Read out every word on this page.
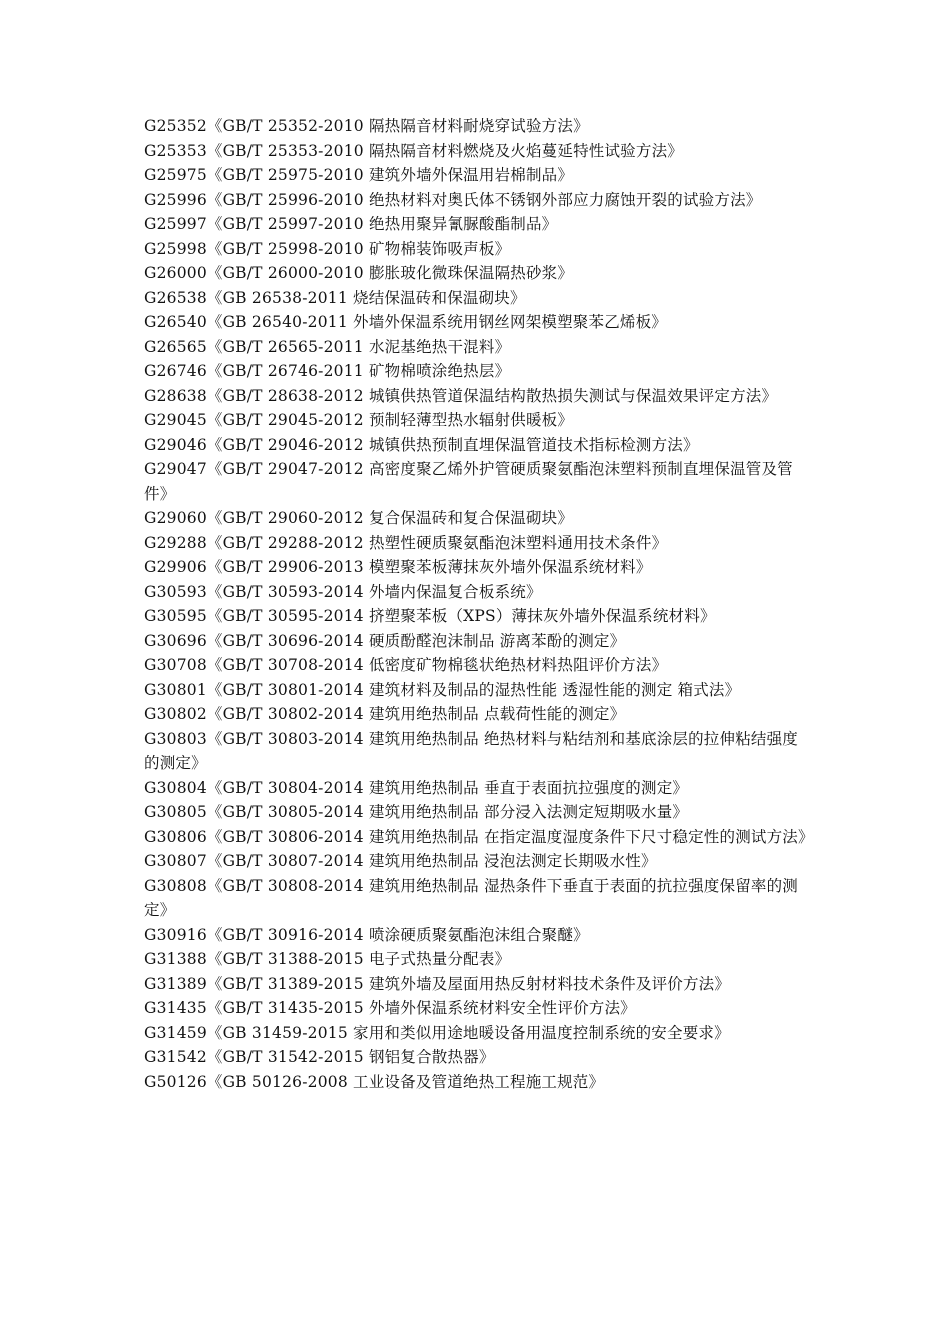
G25352《GB/T 25352-2010 隔热隔音材料耐烧穿试验方法》
G25353《GB/T 25353-2010 隔热隔音材料燃烧及火焰蔓延特性试验方法》
G25975《GB/T 25975-2010 建筑外墙外保温用岩棉制品》
G25996《GB/T 25996-2010 绝热材料对奥氏体不锈钢外部应力腐蚀开裂的试验方法》
G25997《GB/T 25997-2010 绝热用聚异氰脲酸酯制品》
G25998《GB/T 25998-2010 矿物棉装饰吸声板》
G26000《GB/T 26000-2010 膨胀玻化微珠保温隔热砂浆》
G26538《GB 26538-2011 烧结保温砖和保温砌块》
G26540《GB 26540-2011 外墙外保温系统用钢丝网架模塑聚苯乙烯板》
G26565《GB/T 26565-2011 水泥基绝热干混料》
G26746《GB/T 26746-2011 矿物棉喷涂绝热层》
G28638《GB/T 28638-2012 城镇供热管道保温结构散热损失测试与保温效果评定方法》
G29045《GB/T 29045-2012 预制轻薄型热水辐射供暖板》
G29046《GB/T 29046-2012 城镇供热预制直埋保温管道技术指标检测方法》
G29047《GB/T 29047-2012 高密度聚乙烯外护管硬质聚氨酯泡沫塑料预制直埋保温管及管件》
G29060《GB/T 29060-2012 复合保温砖和复合保温砌块》
G29288《GB/T 29288-2012 热塑性硬质聚氨酯泡沫塑料通用技术条件》
G29906《GB/T 29906-2013 模塑聚苯板薄抹灰外墙外保温系统材料》
G30593《GB/T 30593-2014 外墙内保温复合板系统》
G30595《GB/T 30595-2014 挤塑聚苯板（XPS）薄抹灰外墙外保温系统材料》
G30696《GB/T 30696-2014 硬质酚醛泡沫制品 游离苯酚的测定》
G30708《GB/T 30708-2014 低密度矿物棉毯状绝热材料热阻评价方法》
G30801《GB/T 30801-2014 建筑材料及制品的湿热性能 透湿性能的测定 箱式法》
G30802《GB/T 30802-2014 建筑用绝热制品 点载荷性能的测定》
G30803《GB/T 30803-2014 建筑用绝热制品 绝热材料与粘结剂和基底涂层的拉伸粘结强度的测定》
G30804《GB/T 30804-2014 建筑用绝热制品 垂直于表面抗拉强度的测定》
G30805《GB/T 30805-2014 建筑用绝热制品 部分浸入法测定短期吸水量》
G30806《GB/T 30806-2014 建筑用绝热制品 在指定温度湿度条件下尺寸稳定性的测试方法》
G30807《GB/T 30807-2014 建筑用绝热制品 浸泡法测定长期吸水性》
G30808《GB/T 30808-2014 建筑用绝热制品 湿热条件下垂直于表面的抗拉强度保留率的测定》
G30916《GB/T 30916-2014 喷涂硬质聚氨酯泡沫组合聚醚》
G31388《GB/T 31388-2015 电子式热量分配表》
G31389《GB/T 31389-2015 建筑外墙及屋面用热反射材料技术条件及评价方法》
G31435《GB/T 31435-2015 外墙外保温系统材料安全性评价方法》
G31459《GB 31459-2015 家用和类似用途地暖设备用温度控制系统的安全要求》
G31542《GB/T 31542-2015 钢铝复合散热器》
G50126《GB 50126-2008 工业设备及管道绝热工程施工规范》
